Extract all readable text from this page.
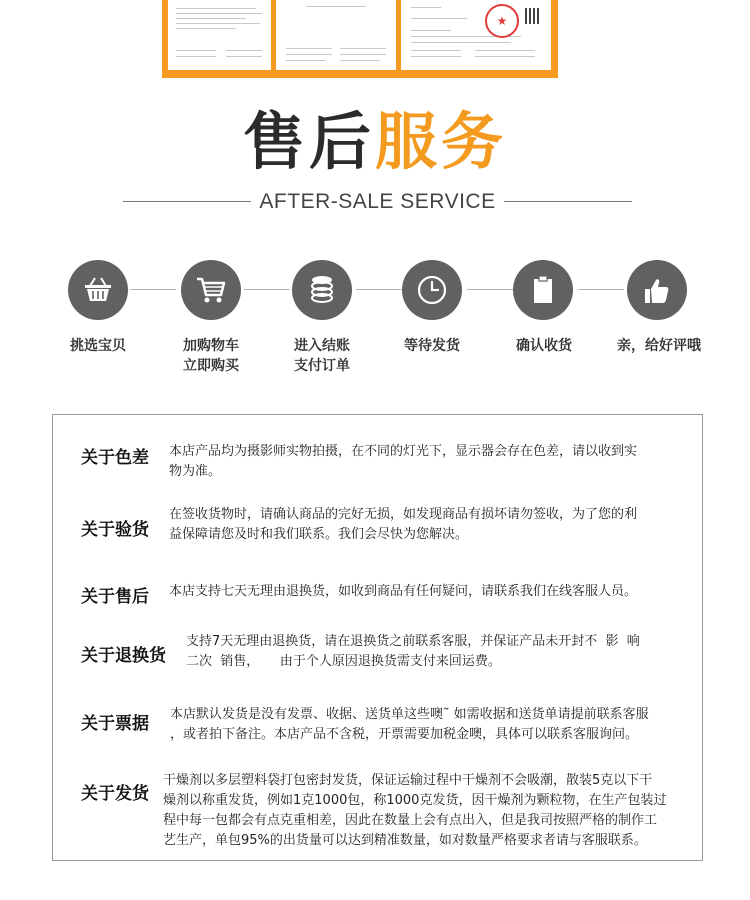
★
售后服务
AFTER-SALE SERVICE
挑选宝贝	加购物车
立即购买
进入结账
支付订单
等待发货	确认收货	亲，给好评哦
关于色差 本店产品均为摄影师实物拍摄，在不同的灯光下，显示器会存在色差，请以收到实
物为准。
关于验货
在签收货物时，请确认商品的完好无损，如发现商品有损坏请勿签收，为了您的利
益保障请您及时和我们联系。我们会尽快为您解决。
关于售后 本店支持七天无理由退换货，如收到商品有任何疑问，请联系我们在线客服人员。
关于退换货
支持7天无理由退换货，请在退换货之前联系客服，并保证产品未开封不  影  响
二次  销售，     由于个人原因退换货需支付来回运费。
关于票据 本店默认发货是没有发票、收据、送货单这些噢˜ 如需收据和送货单请提前联系客服
，或者拍下备注。本店产品不含税，开票需要加税金噢，具体可以联系客服询问。
关于发货
干燥剂以多层塑料袋打包密封发货，保证运输过程中干燥剂不会吸潮，散装5克以下干
燥剂以称重发货，例如1克1000包，称1000克发货，因干燥剂为颗粒物，在生产包装过
程中每一包都会有点克重相差，因此在数量上会有点出入，但是我司按照严格的制作工
艺生产，单包95%的出货量可以达到精准数量，如对数量严格要求者请与客服联系。
